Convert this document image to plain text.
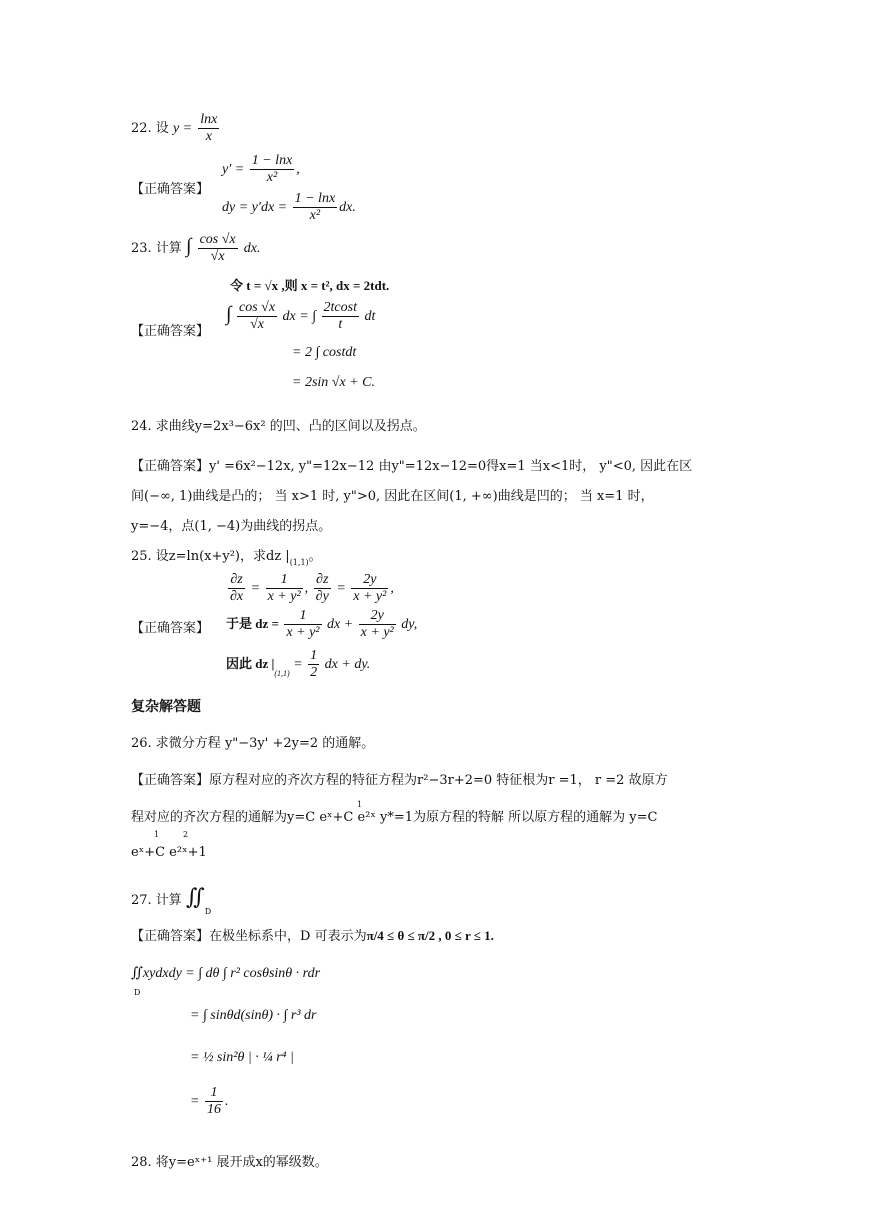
22. 设 $y = \frac{\ln x}{x}$
【正确答案】
$y' = \frac{1 - \ln x}{\text{x²}}$ ,
dy = $y'dx = \frac{1 - \ln x}{\text{x²}}$ dx.
23. 计算 ∫ $\frac{\cos √x}{√x}$ dx.
令 t = √x ,则 x = t², dx = 2tdt.
【正确答案】
∫ $\frac{\cos √x}{√x}$ dx = ∫ $\frac{2tcost}{t}$ dt
= 2 ∫ costdt
= 2sin √x + C.
24. 求曲线y=2x³−6x² 的凹、凸的区间以及拐点。
【正确答案】y' =6x²−12x, y"=12x−12 由y"=12x−12=0得x=1 当x<1时， y"<0, 因此在区
间(−∞, 1)曲线是凸的； 当 x>1 时, y">0, 因此在区间(1, +∞)曲线是凹的； 当 x=1 时，
y=−4，点(1, −4)为曲线的拐点。
25. 设z=ln(x+y²)，求dz $|_{(1,1)}$。
$\frac{\partial z}{\partial x} = \frac{1}{\text{x + y²}}$ , $\frac{\partial z}{\partial y} = \frac{2y}{\text{x + y²}}$ ,
【正确答案】 于是 dz = $\frac{1}{\text{x + y²}}$ dx + $\frac{2y}{\text{x + y²}}$ dy,
因此 dz $|_{(1,1)} = \frac{1}{2}$ dx + dy.
复杂解答题
26. 求微分方程 y"−3y' +2y=2 的通解。
【正确答案】原方程对应的齐次方程的特征方程为r²−3r+2=0 特征根为r =1， r =2 故原方
程对应的齐次方程的通解为y=C eˣ+C e²ˣ y*=1为原方程的特解 所以原方程的通解为 y=C
1
eˣ+C e²ˣ+1
1	2
27. 计算 $∬_D$
【正确答案】在极坐标系中，D 可表示为π/4 ≤ θ ≤ π/2 , 0 ≤ r ≤ 1.
∬xydxdy = ∫ dθ ∫ r² cosθsinθ · rdr
D
= ∫ sinθd(sinθ) · ∫ r³ dr
= ½ sin²θ | · ¼ r⁴ |
= $\frac{1}{16}$ .
28. 将y=eˣ⁺¹ 展开成x的幂级数。
